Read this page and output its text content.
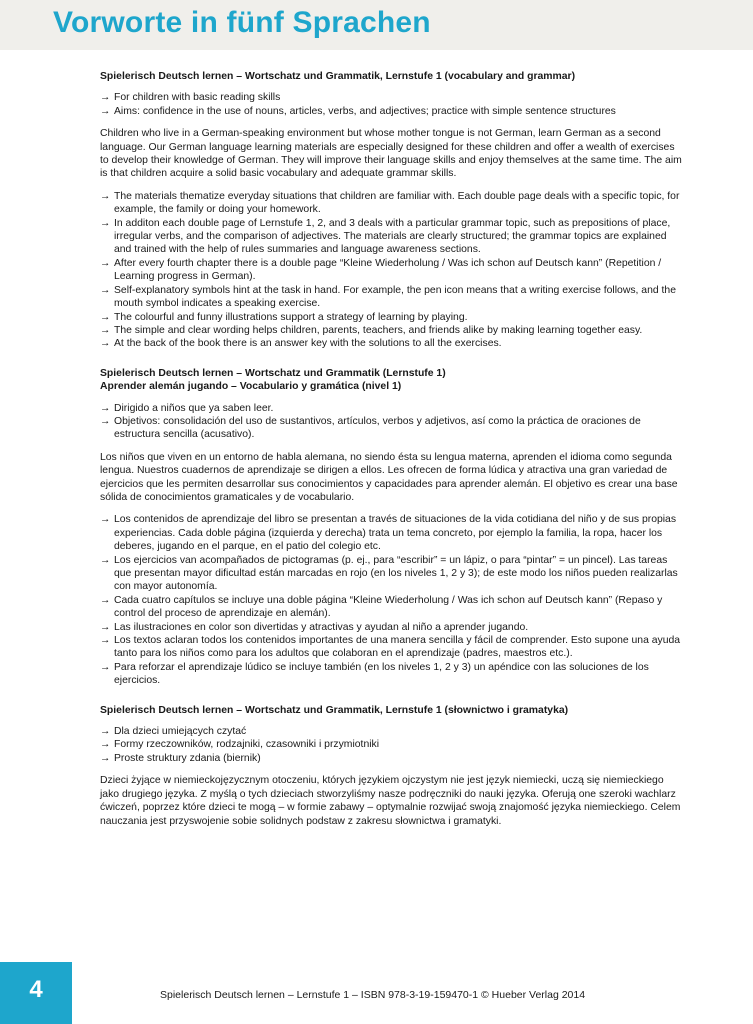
Vorworte in fünf Sprachen

Spielerisch Deutsch lernen – Wortschatz und Grammatik, Lernstufe 1 (vocabulary and grammar)

→ For children with basic reading skills
→ Aims: confidence in the use of nouns, articles, verbs, and adjectives; practice with simple sentence structures

Children who live in a German-speaking environment but whose mother tongue is not German, learn German as a second language. Our German language learning materials are especially designed for these children and offer a wealth of exercises to develop their knowledge of German. They will improve their language skills and enjoy themselves at the same time. The aim is that children acquire a solid basic vocabulary and adequate grammar skills.

→ The materials thematize everyday situations that children are familiar with. Each double page deals with a specific topic, for example, the family or doing your homework.
→ In additon each double page of Lernstufe 1, 2, and 3 deals with a particular grammar topic, such as prepositions of place, irregular verbs, and the comparison of adjectives. The materials are clearly structured; the grammar topics are explained and trained with the help of rules summaries and language awareness sections.
→ After every fourth chapter there is a double page “Kleine Wiederholung / Was ich schon auf Deutsch kann” (Repetition / Learning progress in German).
→ Self-explanatory symbols hint at the task in hand. For example, the pen icon means that a writing exercise follows, and the mouth symbol indicates a speaking exercise.
→ The colourful and funny illustrations support a strategy of learning by playing.
→ The simple and clear wording helps children, parents, teachers, and friends alike by making learning together easy.
→ At the back of the book there is an answer key with the solutions to all the exercises.

Spielerisch Deutsch lernen – Wortschatz und Grammatik (Lernstufe 1)

Aprender alemán jugando – Vocabulario y gramática (nivel 1)

→ Dirigido a niños que ya saben leer.
→ Objetivos: consolidación del uso de sustantivos, artículos, verbos y adjetivos, así como la práctica de oraciones de estructura sencilla (acusativo).

Los niños que viven en un entorno de habla alemana, no siendo ésta su lengua materna, aprenden el idioma como segunda lengua. Nuestros cuadernos de aprendizaje se dirigen a ellos. Les ofrecen de forma lúdica y atractiva una gran variedad de ejercicios que les permiten desarrollar sus conocimientos y capacidades para aprender alemán. El objetivo es crear una base sólida de conocimientos gramaticales y de vocabulario.

→ Los contenidos de aprendizaje del libro se presentan a través de situaciones de la vida cotidiana del niño y de sus propias experiencias. Cada doble página (izquierda y derecha) trata un tema concreto, por ejemplo la familia, la ropa, hacer los deberes, jugando en el parque, en el patio del colegio etc.
→ Los ejercicios van acompañados de pictogramas (p. ej., para “escribir” = un lápiz, o para “pintar” = un pincel). Las tareas que presentan mayor dificultad están marcadas en rojo (en los niveles 1, 2 y 3); de este modo los niños pueden realizarlas con mayor autonomía.
→ Cada cuatro capítulos se incluye una doble página “Kleine Wiederholung / Was ich schon auf Deutsch kann” (Repaso y control del proceso de aprendizaje en alemán).
→ Las ilustraciones en color son divertidas y atractivas y ayudan al niño a aprender jugando.
→ Los textos aclaran todos los contenidos importantes de una manera sencilla y fácil de comprender. Esto supone una ayuda tanto para los niños como para los adultos que colaboran en el aprendizaje (padres, maestros etc.).
→ Para reforzar el aprendizaje lúdico se incluye también (en los niveles 1, 2 y 3) un apéndice con las soluciones de los ejercicios.

Spielerisch Deutsch lernen – Wortschatz und Grammatik, Lernstufe 1 (słownictwo i gramatyka)

→ Dla dzieci umiejących czytać
→ Formy rzeczowników, rodzajniki, czasowniki i przymiotniki
→ Proste struktury zdania (biernik)

Dzieci żyjące w niemieckojęzycznym otoczeniu, których językiem ojczystym nie jest język niemiecki, uczą się niemieckiego jako drugiego języka. Z myślą o tych dzieciach stworzyliśmy nasze podręczniki do nauki języka. Oferują one szeroki wachlarz ćwiczeń, poprzez które dzieci te mogą – w formie zabawy – optymalnie rozwijać swoją znajomość języka niemieckiego. Celem nauczania jest przyswojenie sobie solidnych podstaw z zakresu słownictwa i gramatyki.

4	Spielerisch Deutsch lernen – Lernstufe 1 – ISBN 978-3-19-159470-1 © Hueber Verlag 2014
